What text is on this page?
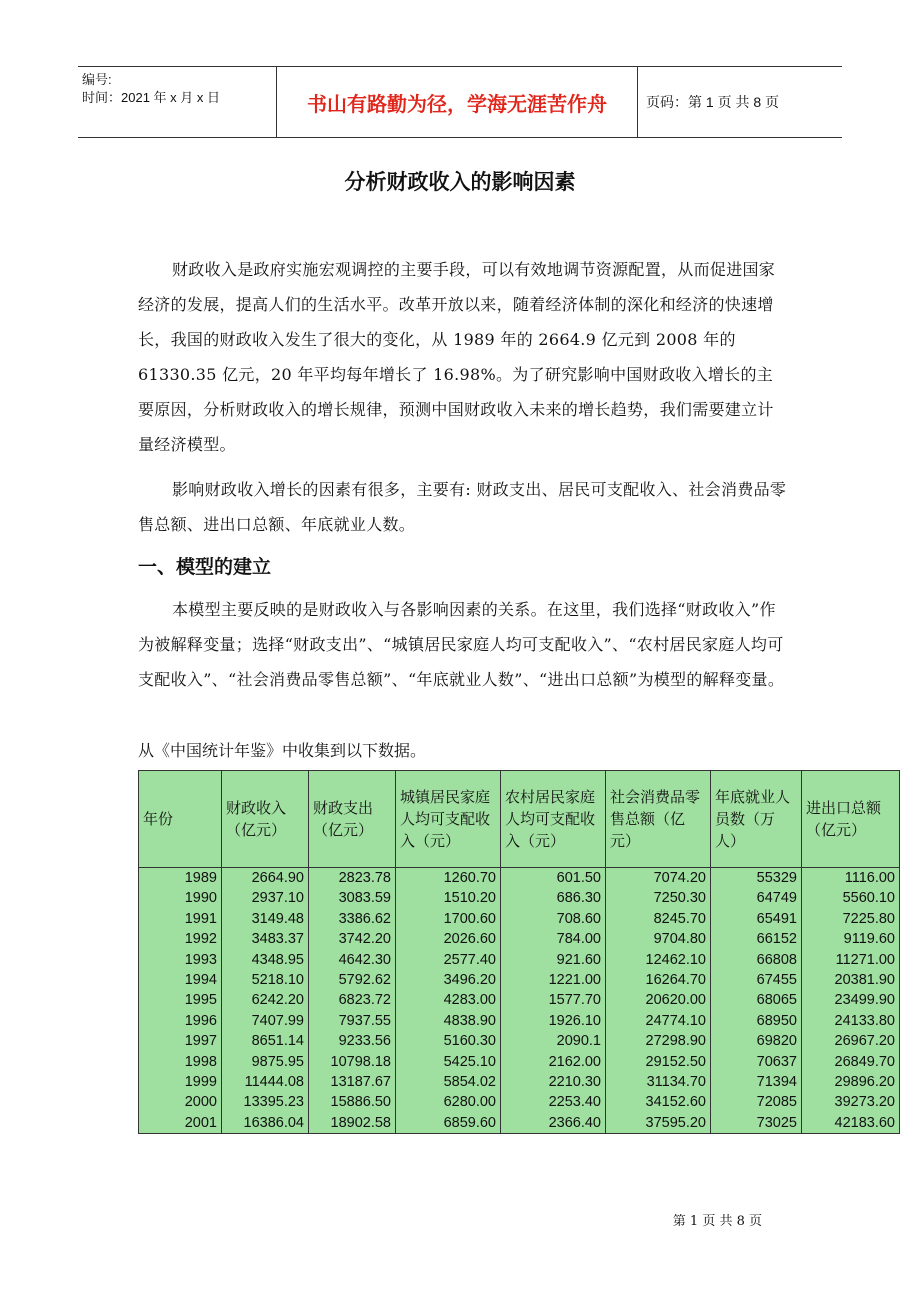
编号:
时间：2021 年 x 月 x 日	书山有路勤为径，学海无涯苦作舟	页码：第 1 页 共 8 页
分析财政收入的影响因素

财政收入是政府实施宏观调控的主要手段，可以有效地调节资源配置，从而促进国家经济的发展，提高人们的生活水平。改革开放以来，随着经济体制的深化和经济的快速增长，我国的财政收入发生了很大的变化，从 1989 年的 2664.9 亿元到 2008 年的 61330.35 亿元，20 年平均每年增长了 16.98%。为了研究影响中国财政收入增长的主要原因，分析财政收入的增长规律，预测中国财政收入未来的增长趋势，我们需要建立计量经济模型。

影响财政收入增长的因素有很多，主要有: 财政支出、居民可支配收入、社会消费品零售总额、进出口总额、年底就业人数。

一、模型的建立

本模型主要反映的是财政收入与各影响因素的关系。在这里，我们选择“财政收入”作为被解释变量；选择“财政支出”、“城镇居民家庭人均可支配收入”、“农村居民家庭人均可支配收入”、“社会消费品零售总额”、“年底就业人数”、“进出口总额”为模型的解释变量。

从《中国统计年鉴》中收集到以下数据。
年份	财政收入（亿元）	财政支出（亿元）	城镇居民家庭人均可支配收入（元）	农村居民家庭人均可支配收入（元）	社会消费品零售总额（亿元）	年底就业人员数（万人）	进出口总额（亿元）
1989	2664.90	2823.78	1260.70	601.50	7074.20	55329	1116.00
1990	2937.10	3083.59	1510.20	686.30	7250.30	64749	5560.10
1991	3149.48	3386.62	1700.60	708.60	8245.70	65491	7225.80
1992	3483.37	3742.20	2026.60	784.00	9704.80	66152	9119.60
1993	4348.95	4642.30	2577.40	921.60	12462.10	66808	11271.00
1994	5218.10	5792.62	3496.20	1221.00	16264.70	67455	20381.90
1995	6242.20	6823.72	4283.00	1577.70	20620.00	68065	23499.90
1996	7407.99	7937.55	4838.90	1926.10	24774.10	68950	24133.80
1997	8651.14	9233.56	5160.30	2090.1	27298.90	69820	26967.20
1998	9875.95	10798.18	5425.10	2162.00	29152.50	70637	26849.70
1999	11444.08	13187.67	5854.02	2210.30	31134.70	71394	29896.20
2000	13395.23	15886.50	6280.00	2253.40	34152.60	72085	39273.20
2001	16386.04	18902.58	6859.60	2366.40	37595.20	73025	42183.60
第 1 页 共 8 页
